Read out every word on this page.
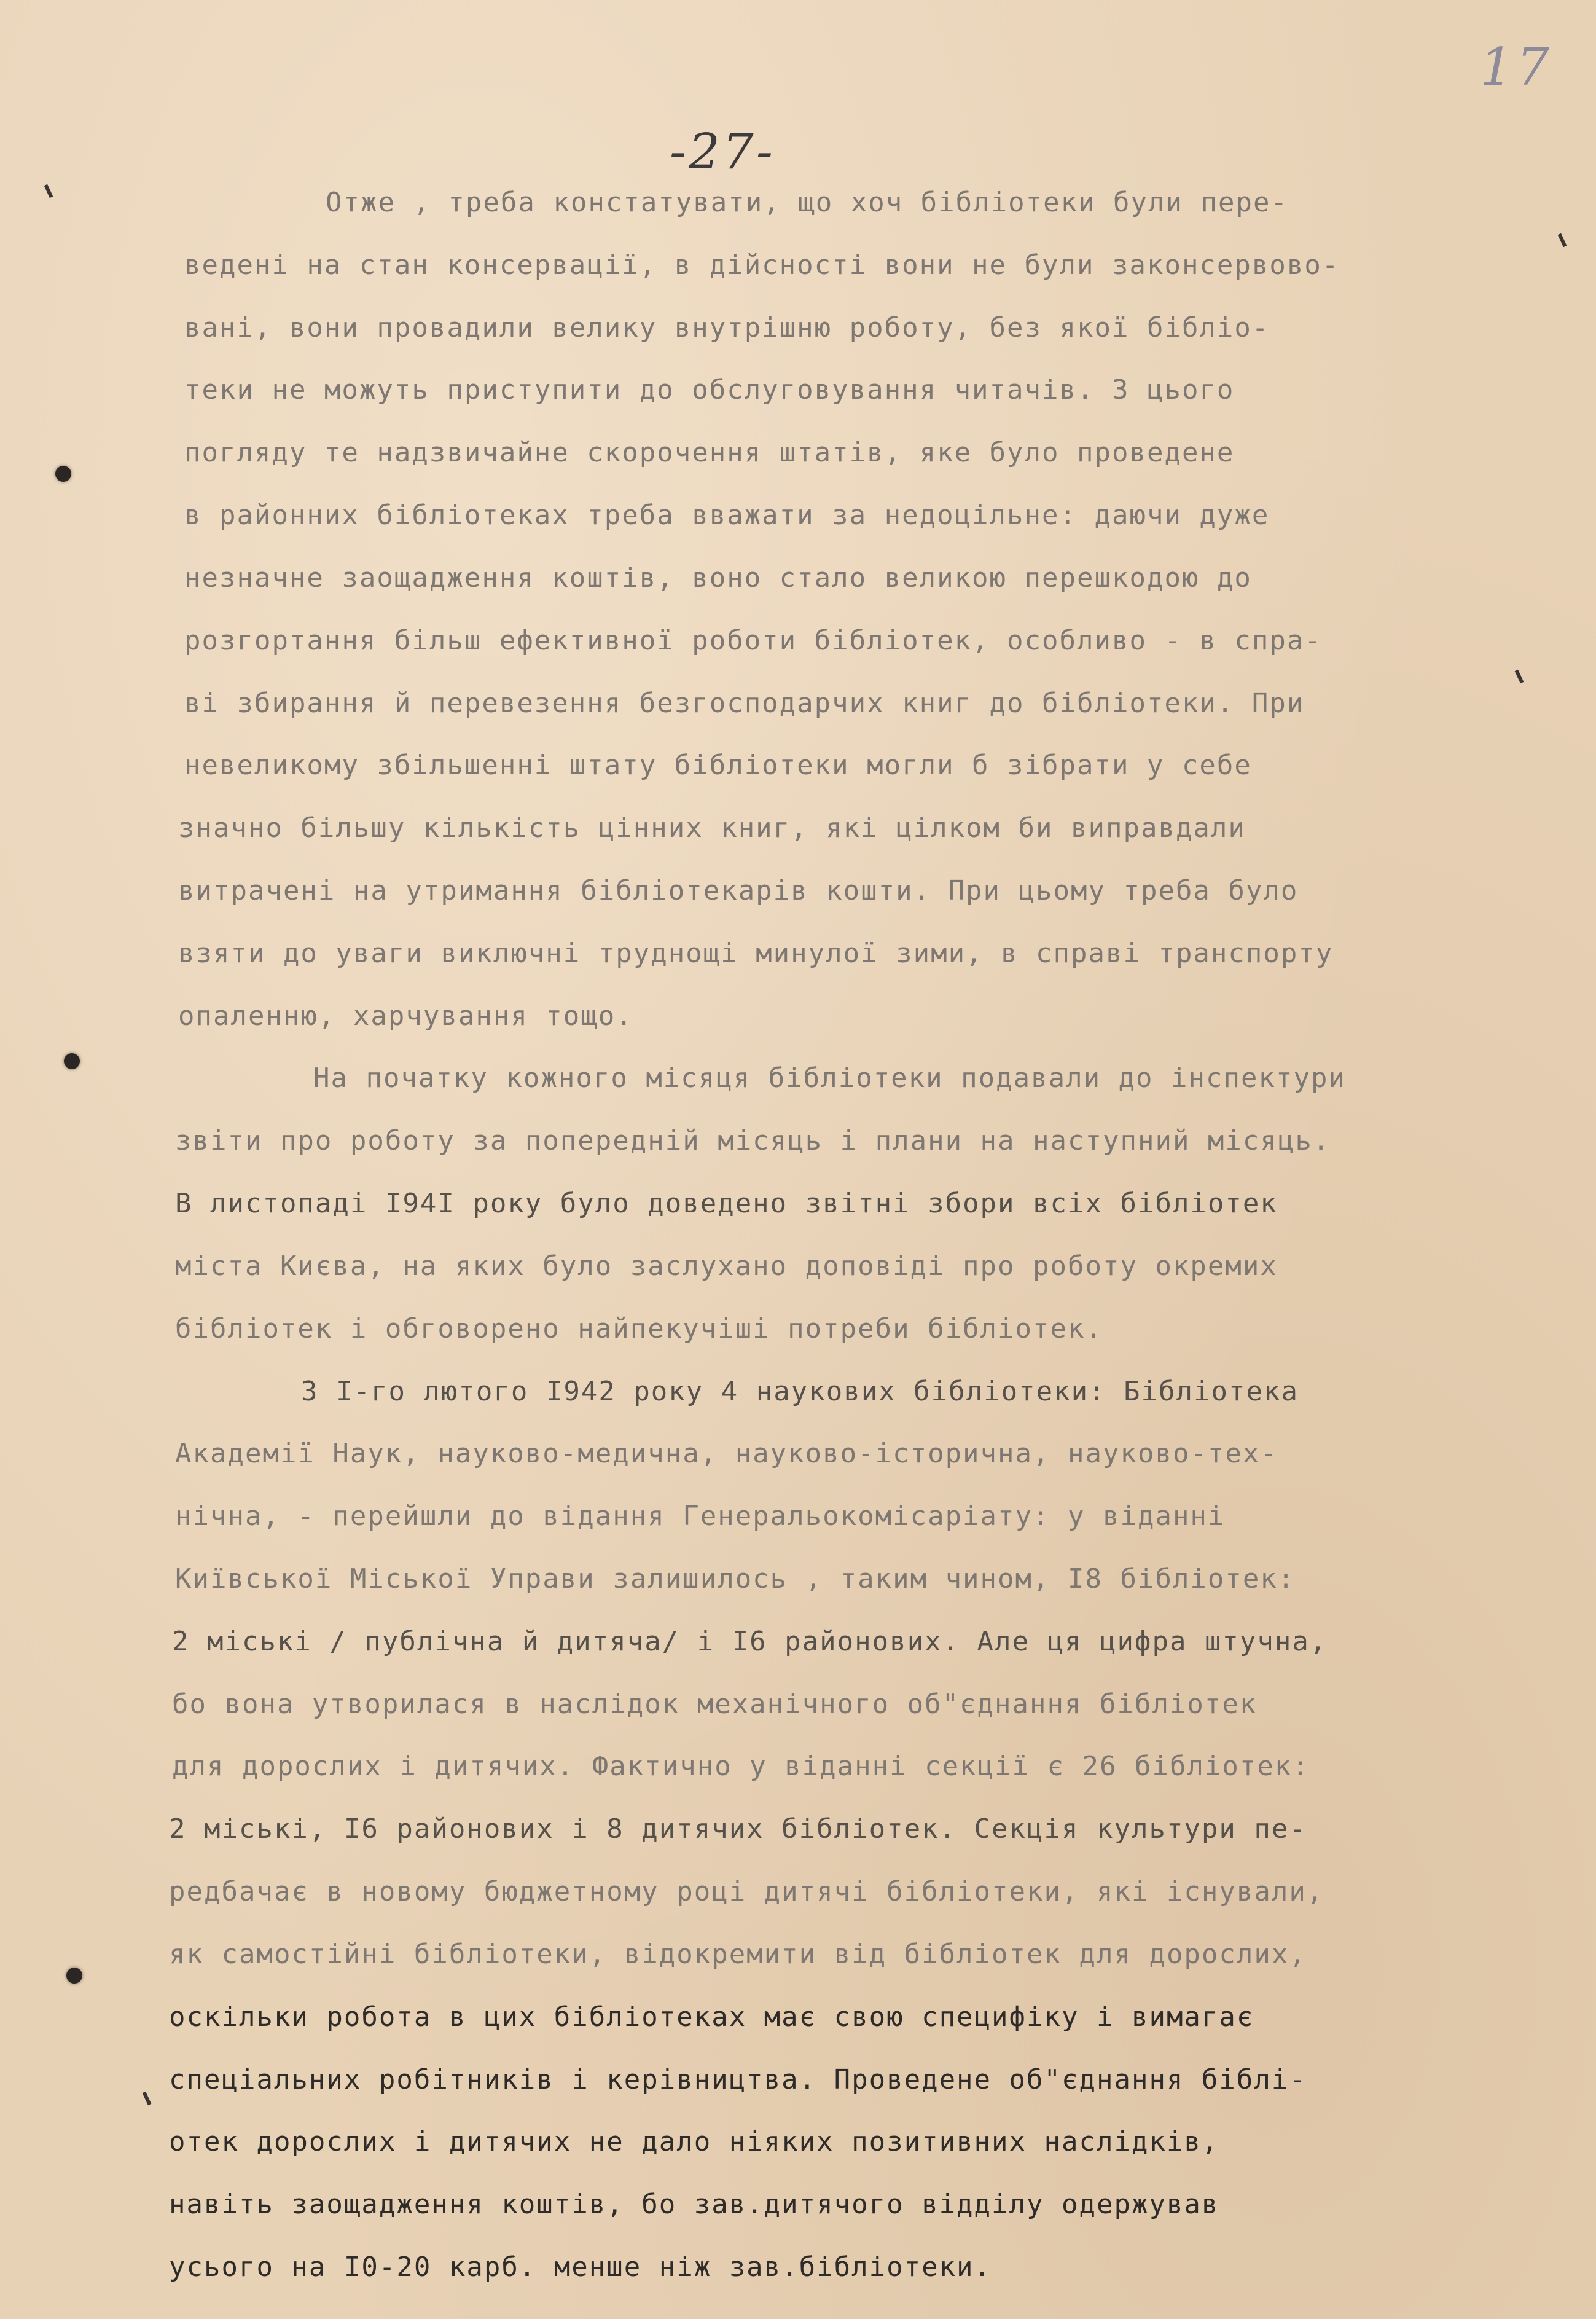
17
-27-
Отже , треба констатувати, що хоч бібліотеки були пере-
ведені на стан консервації, в дійсності вони не були законсервово-
вані, вони провадили велику внутрішню роботу, без якої бібліо-
теки не можуть приступити до обслуговування читачів. З цього
погляду те надзвичайне скорочення штатів, яке було проведене
в районних бібліотеках треба вважати за недоцільне: даючи дуже
незначне заощадження коштів, воно стало великою перешкодою до
розгортання більш ефективної роботи бібліотек, особливо - в спра-
ві збирання й перевезення безгосподарчих книг до бібліотеки. При
невеликому збільшенні штату бібліотеки могли б зібрати у себе
значно більшу кількість цінних книг, які цілком би виправдали
витрачені на утримання бібліотекарів кошти. При цьому треба було
взяти до уваги виключні труднощі минулої зими, в справі транспорту
опаленню, харчування тощо.
На початку кожного місяця бібліотеки подавали до інспектури
звіти про роботу за попередній місяць і плани на наступний місяць.
В листопаді I94I року було доведено звітні збори всіх бібліотек
міста Києва, на яких було заслухано доповіді про роботу окремих
бібліотек і обговорено найпекучіші потреби бібліотек.
З I-го лютого I942 року 4 наукових бібліотеки: Бібліотека
Академії Наук, науково-медична, науково-історична, науково-тех-
нічна, - перейшли до відання Генеральокомісаріату: у віданні
Київської Міської Управи залишилось , таким чином, I8 бібліотек:
2 міські / публічна й дитяча/ і I6 районових. Але ця цифра штучна,
бо вона утворилася в наслідок механічного об"єднання бібліотек
для дорослих і дитячих. Фактично у віданні секції є 26 бібліотек:
2 міські, I6 районових і 8 дитячих бібліотек. Секція культури пе-
редбачає в новому бюджетному році дитячі бібліотеки, які існували,
як самостійні бібліотеки, відокремити від бібліотек для дорослих,
оскільки робота в цих бібліотеках має свою специфіку і вимагає
спеціальних робітників і керівництва. Проведене об"єднання біблі-
отек дорослих і дитячих не дало ніяких позитивних наслідків,
навіть заощадження коштів, бо зав.дитячого відділу одержував
усього на I0-20 карб. менше ніж зав.бібліотеки.
